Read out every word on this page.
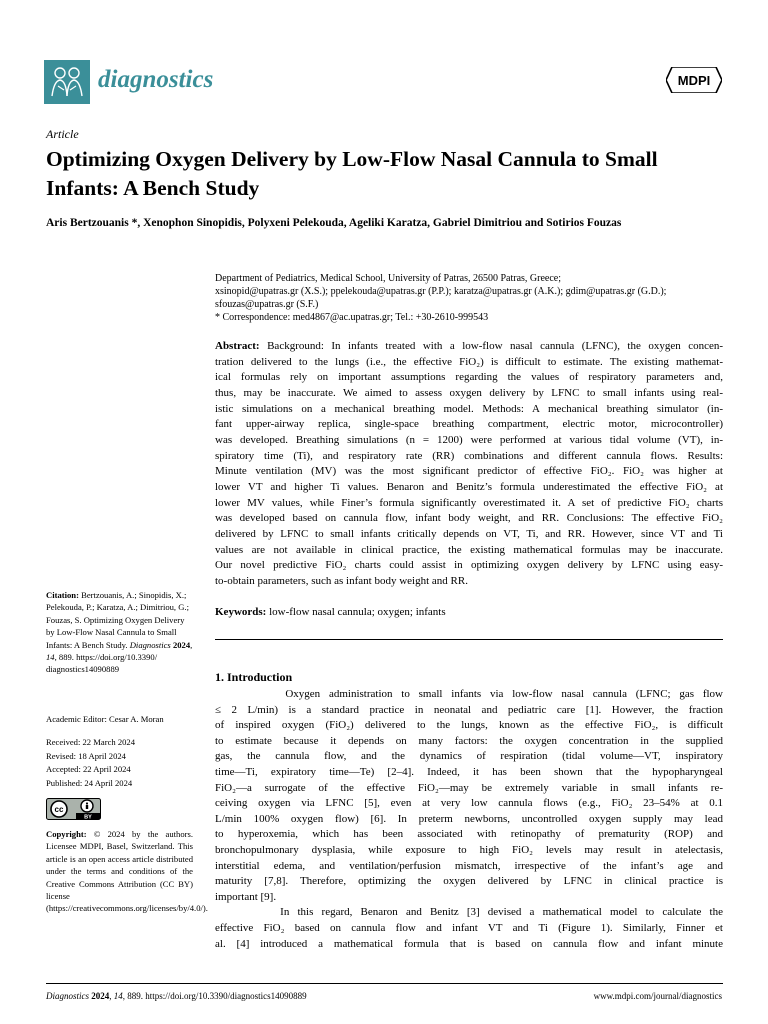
diagnostics	MDPI
Article
Optimizing Oxygen Delivery by Low-Flow Nasal Cannula to Small Infants: A Bench Study
Aris Bertzouanis *, Xenophon Sinopidis, Polyxeni Pelekouda, Ageliki Karatza, Gabriel Dimitriou and Sotirios Fouzas
Department of Pediatrics, Medical School, University of Patras, 26500 Patras, Greece;
xsinopid@upatras.gr (X.S.); ppelekouda@upatras.gr (P.P.); karatza@upatras.gr (A.K.); gdim@upatras.gr (G.D.);
sfouzas@upatras.gr (S.F.)
* Correspondence: med4867@ac.upatras.gr; Tel.: +30-2610-999543
Abstract: Background: In infants treated with a low-flow nasal cannula (LFNC), the oxygen concen-
tration delivered to the lungs (i.e., the effective FiO₂) is difficult to estimate. The existing mathemat-
ical formulas rely on important assumptions regarding the values of respiratory parameters and,
thus, may be inaccurate. We aimed to assess oxygen delivery by LFNC to small infants using real-
istic simulations on a mechanical breathing model. Methods: A mechanical breathing simulator (in-
fant upper-airway replica, single-space breathing compartment, electric motor, microcontroller)
was developed. Breathing simulations (n = 1200) were performed at various tidal volume (VT), in-
spiratory time (Ti), and respiratory rate (RR) combinations and different cannula flows. Results:
Minute ventilation (MV) was the most significant predictor of effective FiO₂. FiO₂ was higher at
lower VT and higher Ti values. Benaron and Benitz’s formula underestimated the effective FiO₂ at
lower MV values, while Finer’s formula significantly overestimated it. A set of predictive FiO₂ charts
was developed based on cannula flow, infant body weight, and RR. Conclusions: The effective FiO₂
delivered by LFNC to small infants critically depends on VT, Ti, and RR. However, since VT and Ti
values are not available in clinical practice, the existing mathematical formulas may be inaccurate.
Our novel predictive FiO₂ charts could assist in optimizing oxygen delivery by LFNC using easy-
to-obtain parameters, such as infant body weight and RR.
Keywords: low-flow nasal cannula; oxygen; infants
1. Introduction
Oxygen administration to small infants via low-flow nasal cannula (LFNC; gas flow
≤ 2 L/min) is a standard practice in neonatal and pediatric care [1]. However, the fraction
of inspired oxygen (FiO₂) delivered to the lungs, known as the effective FiO₂, is difficult
to estimate because it depends on many factors: the oxygen concentration in the supplied
gas, the cannula flow, and the dynamics of respiration (tidal volume—VT, inspiratory
time—Ti, expiratory time—Te) [2–4]. Indeed, it has been shown that the hypopharyngeal
FiO₂—a surrogate of the effective FiO₂—may be extremely variable in small infants re-
ceiving oxygen via LFNC [5], even at very low cannula flows (e.g., FiO₂ 23–54% at 0.1
L/min 100% oxygen flow) [6]. In preterm newborns, uncontrolled oxygen supply may lead
to hyperoxemia, which has been associated with retinopathy of prematurity (ROP) and
bronchopulmonary dysplasia, while exposure to high FiO₂ levels may result in atelectasis,
interstitial edema, and ventilation/perfusion mismatch, irrespective of the infant’s age and
maturity [7,8]. Therefore, optimizing the oxygen delivered by LFNC in clinical practice is
important [9].
In this regard, Benaron and Benitz [3] devised a mathematical model to calculate the
effective FiO₂ based on cannula flow and infant VT and Ti (Figure 1). Similarly, Finner et
al. [4] introduced a mathematical formula that is based on cannula flow and infant minute
Citation: Bertzouanis, A.; Sinopidis, X.; Pelekouda, P.; Karatza, A.; Dimitriou, G.; Fouzas, S. Optimizing Oxygen Delivery by Low-Flow Nasal Cannula to Small Infants: A Bench Study. Diagnostics 2024, 14, 889. https://doi.org/10.3390/ diagnostics14090889
Academic Editor: Cesar A. Moran
Received: 22 March 2024
Revised: 18 April 2024
Accepted: 22 April 2024
Published: 24 April 2024
cc
BY
Copyright: © 2024 by the authors. Licensee MDPI, Basel, Switzerland. This article is an open access article distributed under the terms and conditions of the Creative Commons Attribution (CC BY) license (https://creativecommons.org/licenses/by/4.0/).
Diagnostics 2024, 14, 889. https://doi.org/10.3390/diagnostics14090889	www.mdpi.com/journal/diagnostics
